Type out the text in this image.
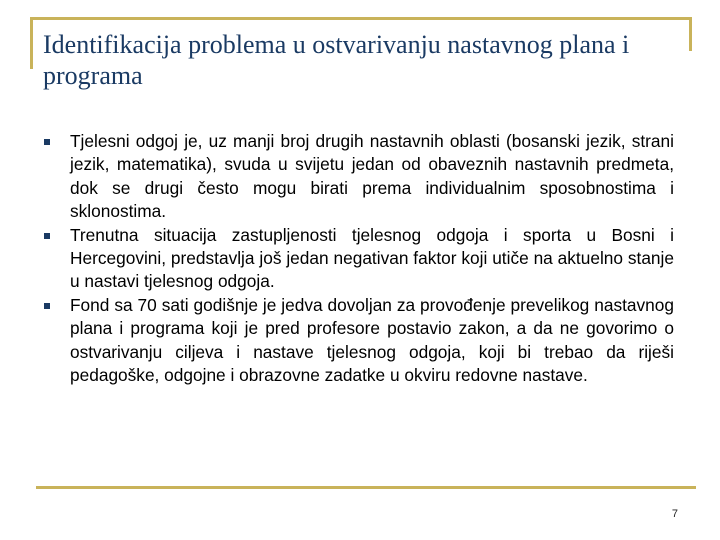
Identifikacija problema u ostvarivanju nastavnog plana i programa
Tjelesni odgoj je, uz manji broj drugih nastavnih oblasti (bosanski jezik, strani jezik, matematika), svuda u svijetu jedan od obaveznih nastavnih predmeta, dok se drugi često mogu birati prema individualnim sposobnostima i sklonostima.
Trenutna situacija zastupljenosti tjelesnog odgoja i sporta u Bosni i Hercegovini, predstavlja još jedan negativan faktor koji utiče na aktuelno stanje u nastavi tjelesnog odgoja.
Fond sa 70 sati godišnje je jedva dovoljan za provođenje prevelikog nastavnog plana i programa koji je pred profesore postavio zakon, a da ne govorimo o ostvarivanju ciljeva i nastave tjelesnog odgoja, koji bi trebao da riješi pedagoške, odgojne i obrazovne zadatke u okviru redovne nastave.
7
